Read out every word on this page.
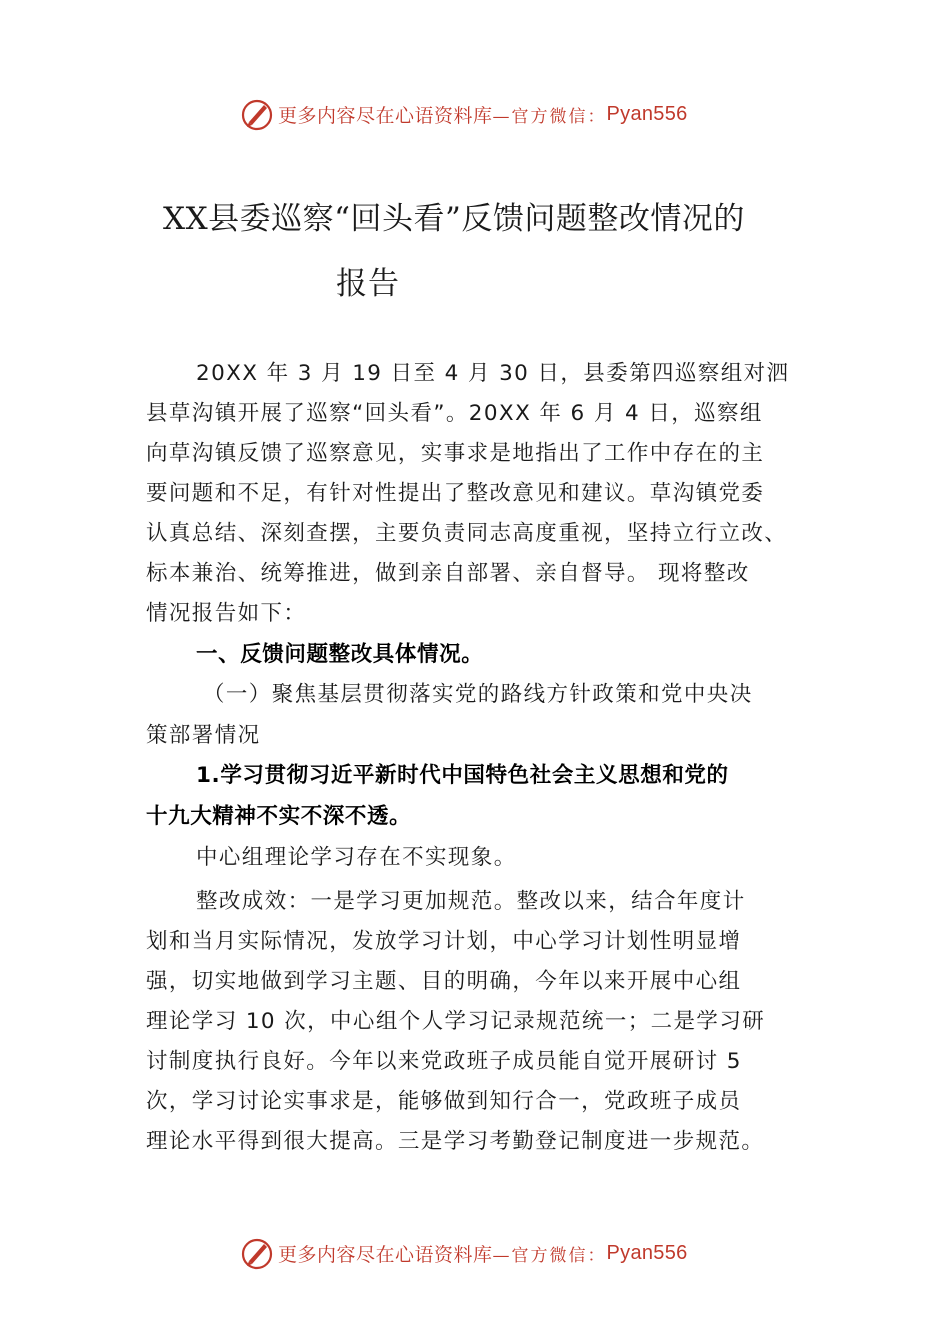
更多内容尽在心语资料库 —官方微信： Pyan556
XX县委巡察“回头看”反馈问题整改情况的
报告
20XX 年 3 月 19 日至 4 月 30 日，县委第四巡察组对泗
县草沟镇开展了巡察“回头看”。20XX 年 6 月 4 日，巡察组
向草沟镇反馈了巡察意见，实事求是地指出了工作中存在的主
要问题和不足，有针对性提出了整改意见和建议。草沟镇党委
认真总结、深刻查摆，主要负责同志高度重视，坚持立行立改、
标本兼治、统筹推进，做到亲自部署、亲自督导。 现将整改
情况报告如下：
一、反馈问题整改具体情况。
（一）聚焦基层贯彻落实党的路线方针政策和党中央决
策部署情况
1.学习贯彻习近平新时代中国特色社会主义思想和党的
十九大精神不实不深不透。
中心组理论学习存在不实现象。
整改成效：一是学习更加规范。整改以来，结合年度计
划和当月实际情况，发放学习计划，中心学习计划性明显增
强，切实地做到学习主题、目的明确，今年以来开展中心组
理论学习 10 次，中心组个人学习记录规范统一；二是学习研
讨制度执行良好。今年以来党政班子成员能自觉开展研讨 5
次，学习讨论实事求是，能够做到知行合一，党政班子成员
理论水平得到很大提高。三是学习考勤登记制度进一步规范。
更多内容尽在心语资料库 —官方微信： Pyan556
